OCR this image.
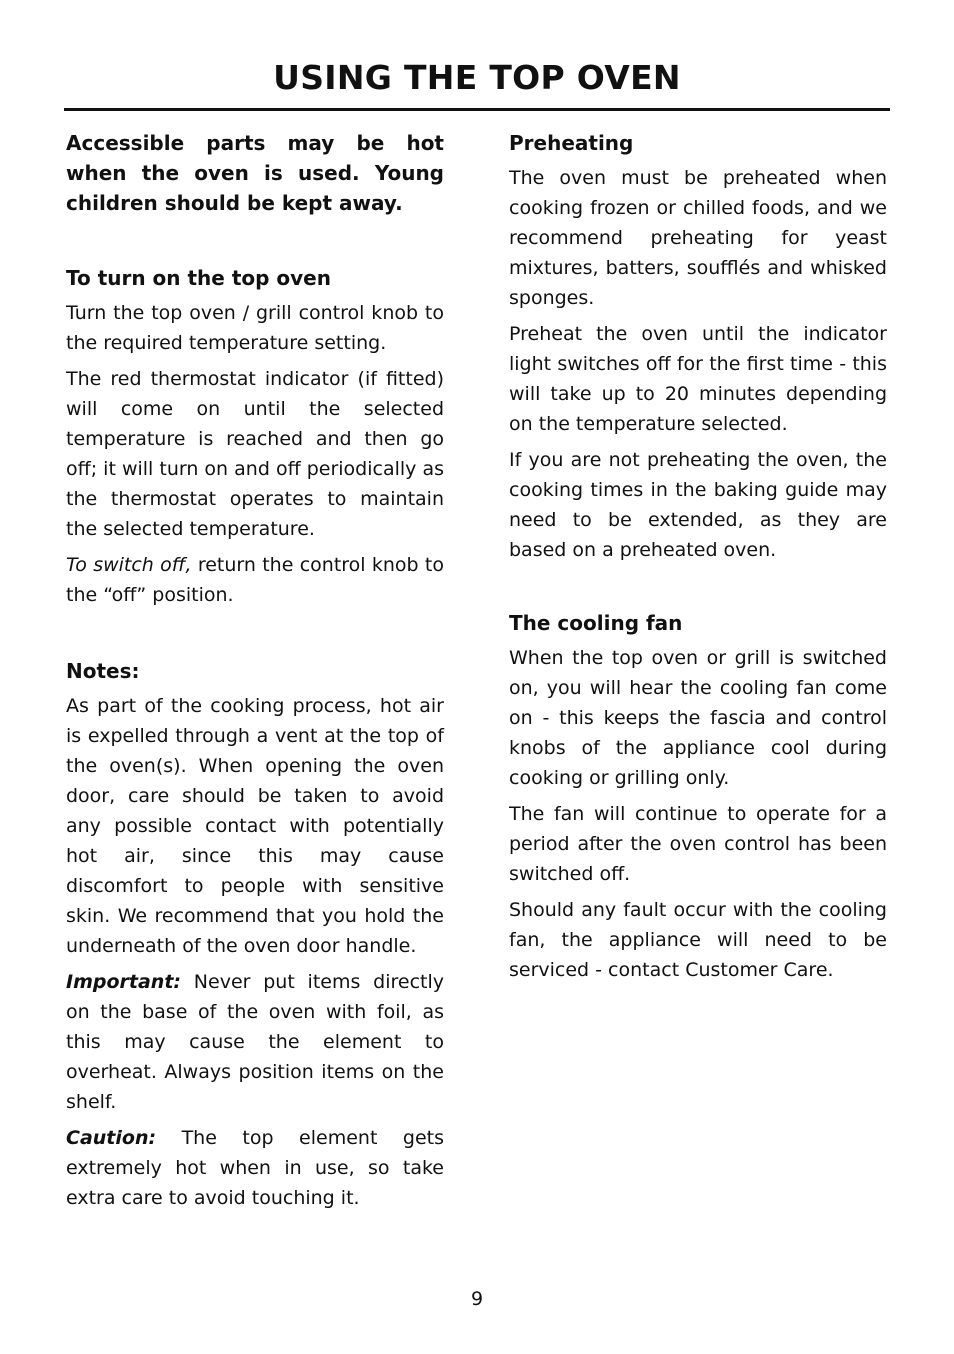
USING THE TOP OVEN

Accessible parts may be hot when the oven is used. Young children should be kept away.

To turn on the top oven

Turn the top oven / grill control knob to the required temperature setting.

The red thermostat indicator (if fitted) will come on until the selected temperature is reached and then go off; it will turn on and off periodically as the thermostat operates to maintain the selected temperature.

To switch off, return the control knob to the “off” position.

Notes:

As part of the cooking process, hot air is expelled through a vent at the top of the oven(s). When opening the oven door, care should be taken to avoid any possible contact with potentially hot air, since this may cause discomfort to people with sensitive skin. We recommend that you hold the underneath of the oven door handle.

Important: Never put items directly on the base of the oven with foil, as this may cause the element to overheat. Always position items on the shelf.

Caution: The top element gets extremely hot when in use, so take extra care to avoid touching it.

Preheating

The oven must be preheated when cooking frozen or chilled foods, and we recommend preheating for yeast mixtures, batters, soufflés and whisked sponges.

Preheat the oven until the indicator light switches off for the first time - this will take up to 20 minutes depending on the temperature selected.

If you are not preheating the oven, the cooking times in the baking guide may need to be extended, as they are based on a preheated oven.

The cooling fan

When the top oven or grill is switched on, you will hear the cooling fan come on - this keeps the fascia and control knobs of the appliance cool during cooking or grilling only.

The fan will continue to operate for a period after the oven control has been switched off.

Should any fault occur with the cooling fan, the appliance will need to be serviced - contact Customer Care.

9
